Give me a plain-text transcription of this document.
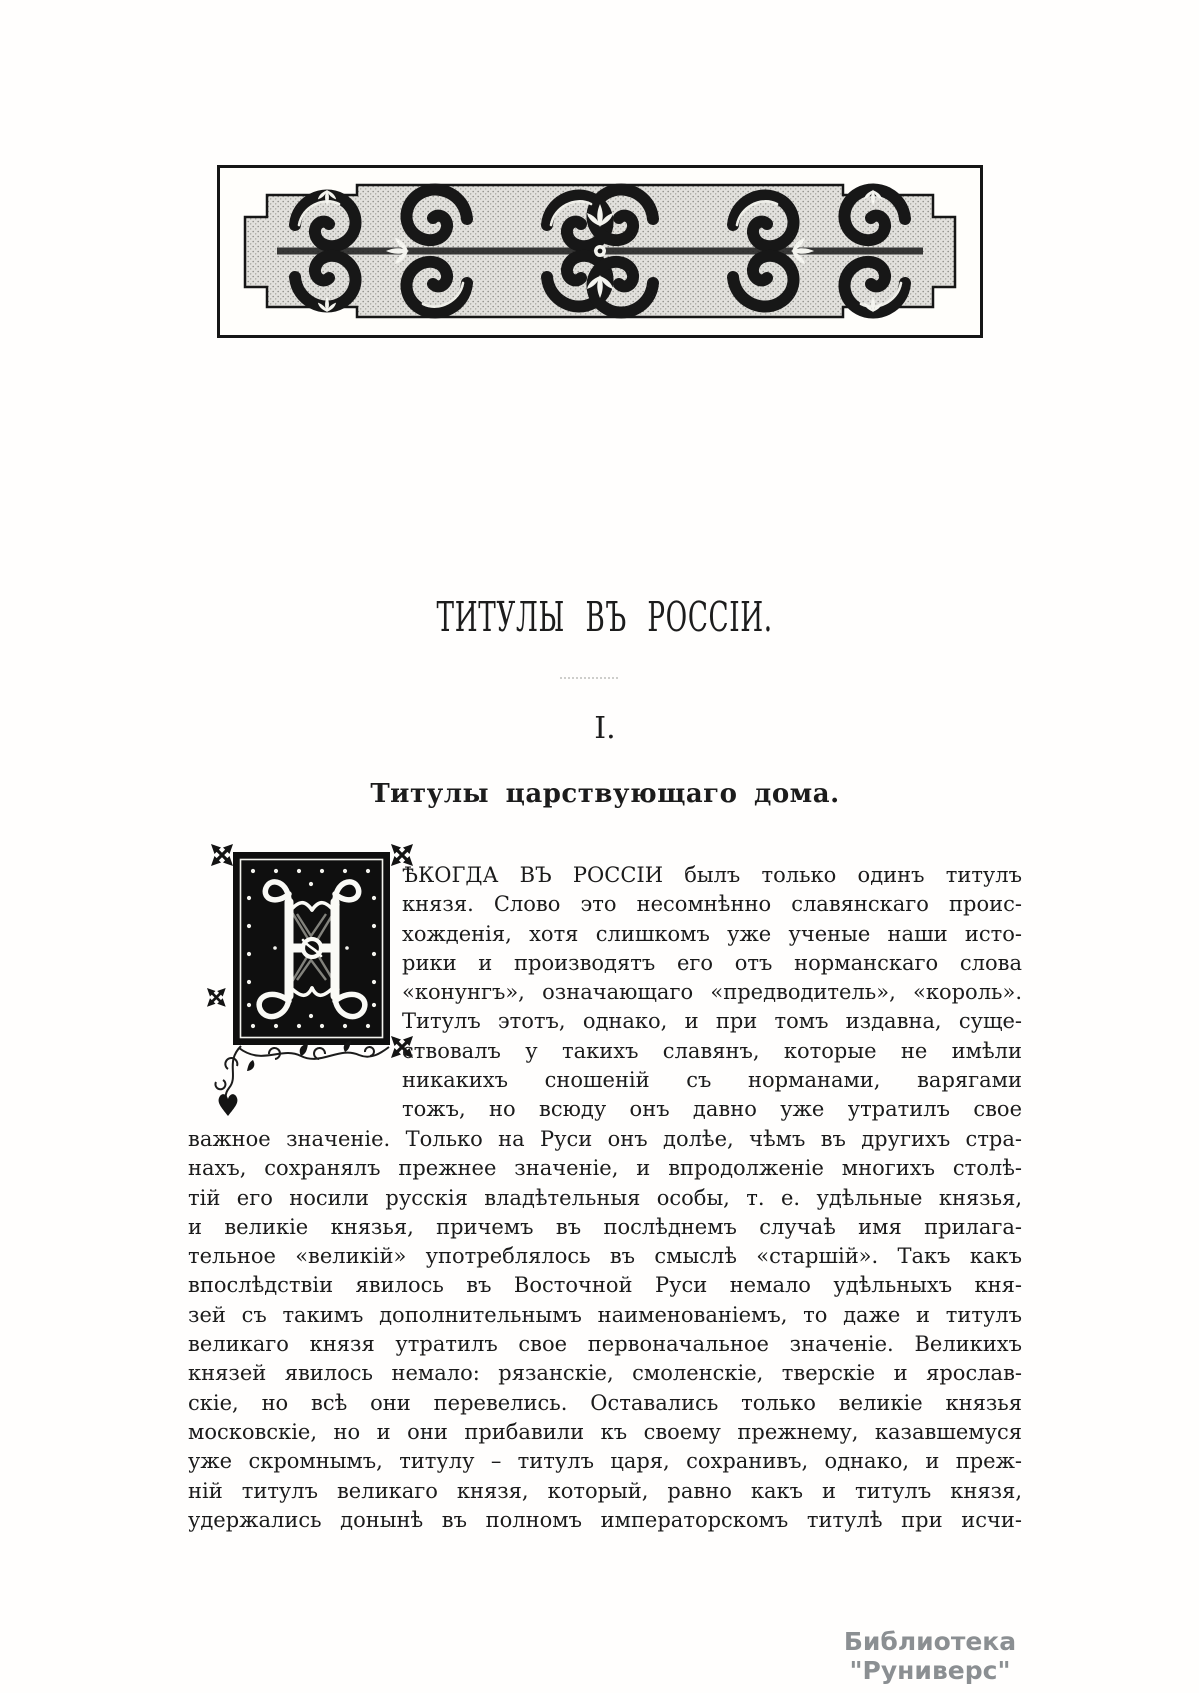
ТИТУЛЫ ВЪ РОССІИ.
I.
Титулы царствующаго дома.
ѢКОГДА ВЪ РОССІИ былъ только одинъ титулъ
князя. Слово это несомнѣнно славянскаго проис-
хожденія, хотя слишкомъ уже ученые наши исто-
рики и производятъ его отъ норманскаго слова
«конунгъ», означающаго «предводитель», «король».
Титулъ этотъ, однако, и при томъ издавна, суще-
ствовалъ у такихъ славянъ, которые не имѣли
никакихъ сношеній съ норманами, варягами
тожъ, но всюду онъ давно уже утратилъ свое
важное значеніе. Только на Руси онъ долѣе, чѣмъ въ другихъ стра-
нахъ, сохранялъ прежнее значеніе, и впродолженіе многихъ столѣ-
тій его носили русскія владѣтельныя особы, т. е. удѣльные князья,
и великіе князья, причемъ въ послѣднемъ случаѣ имя прилага-
тельное «великій» употреблялось въ смыслѣ «старшій». Такъ какъ
впослѣдствіи явилось въ Восточной Руси немало удѣльныхъ кня-
зей съ такимъ дополнительнымъ наименованіемъ, то даже и титулъ
великаго князя утратилъ свое первоначальное значеніе. Великихъ
князей явилось немало: рязанскіе, смоленскіе, тверскіе и ярослав-
скіе, но всѣ они перевелись. Оставались только великіе князья
московскіе, но и они прибавили къ своему прежнему, казавшемуся
уже скромнымъ, титулу – титулъ царя, сохранивъ, однако, и преж-
ній титулъ великаго князя, который, равно какъ и титулъ князя,
удержались донынѣ въ полномъ императорскомъ титулѣ при исчи-
Библиотека "Руниверс"
